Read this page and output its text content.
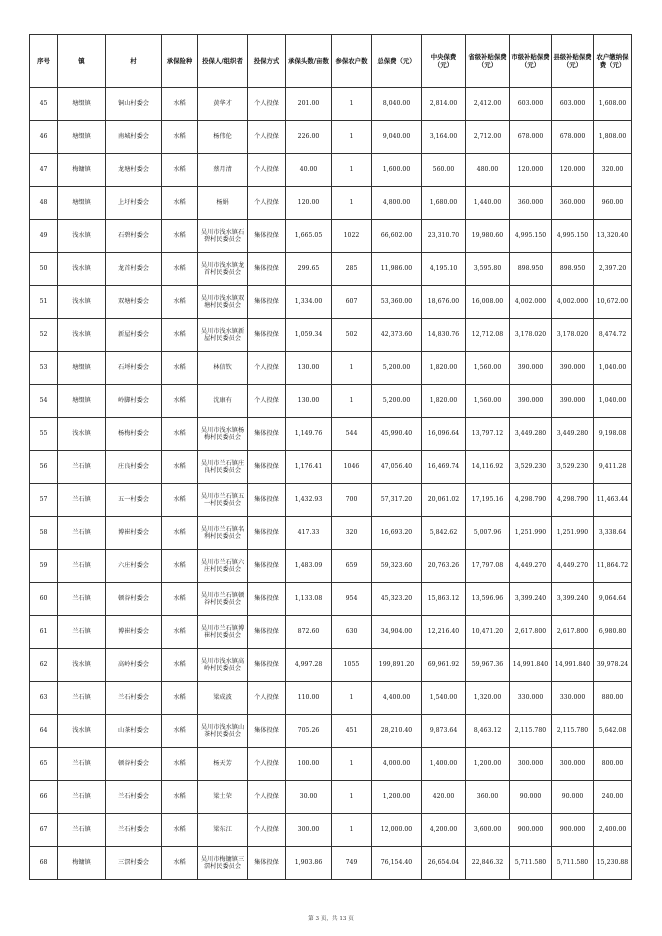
序号	镇	村	承保险种	投保人/组织者	投保方式	承保头数/亩数	参保农户数	总保费（元）	中央保费（元）	省级补贴保费（元）	市级补贴保费（元）	县级补贴保费（元）	农户缴纳保费（元）
45	塘缀镇	铜山村委会	水稻	黄华才	个人投保	201.00	1	8,040.00	2,814.00	2,412.00	603.000	603.000	1,608.00
46	塘缀镇	南城村委会	水稻	杨伟伦	个人投保	226.00	1	9,040.00	3,164.00	2,712.00	678.000	678.000	1,808.00
47	梅镛镇	龙塘村委会	水稻	蔡月清	个人投保	40.00	1	1,600.00	560.00	480.00	120.000	120.000	320.00
48	塘缀镇	上圩村委会	水稻	杨娟	个人投保	120.00	1	4,800.00	1,680.00	1,440.00	360.000	360.000	960.00
49	浅水镇	石碧村委会	水稻	吴川市浅水镇石碧村民委员会	集体投保	1,665.05	1022	66,602.00	23,310.70	19,980.60	4,995.150	4,995.150	13,320.40
50	浅水镇	龙首村委会	水稻	吴川市浅水镇龙首村民委员会	集体投保	299.65	285	11,986.00	4,195.10	3,595.80	898.950	898.950	2,397.20
51	浅水镇	双塘村委会	水稻	吴川市浅水镇双塘村民委员会	集体投保	1,334.00	607	53,360.00	18,676.00	16,008.00	4,002.000	4,002.000	10,672.00
52	浅水镇	新屋村委会	水稻	吴川市浅水镇新屋村民委员会	集体投保	1,059.34	502	42,373.60	14,830.76	12,712.08	3,178.020	3,178.020	8,474.72
53	塘缀镇	石埒村委会	水稻	林信钦	个人投保	130.00	1	5,200.00	1,820.00	1,560.00	390.000	390.000	1,040.00
54	塘缀镇	岭脚村委会	水稻	沈康有	个人投保	130.00	1	5,200.00	1,820.00	1,560.00	390.000	390.000	1,040.00
55	浅水镇	杨梅村委会	水稻	吴川市浅水镇杨梅村民委员会	集体投保	1,149.76	544	45,990.40	16,096.64	13,797.12	3,449.280	3,449.280	9,198.08
56	兰石镇	庄良村委会	水稻	吴川市兰石镇庄良村民委员会	集体投保	1,176.41	1046	47,056.40	16,469.74	14,116.92	3,529.230	3,529.230	9,411.28
57	兰石镇	五一村委会	水稻	吴川市兰石镇五一村民委员会	集体投保	1,432.93	700	57,317.20	20,061.02	17,195.16	4,298.790	4,298.790	11,463.44
58	兰石镇	博崔村委会	水稻	吴川市兰石镇名利村民委员会	集体投保	417.33	320	16,693.20	5,842.62	5,007.96	1,251.990	1,251.990	3,338.64
59	兰石镇	六庄村委会	水稻	吴川市兰石镇六庄村民委员会	集体投保	1,483.09	659	59,323.60	20,763.26	17,797.08	4,449.270	4,449.270	11,864.72
60	兰石镇	顿谷村委会	水稻	吴川市兰石镇顿谷村民委员会	集体投保	1,133.08	954	45,323.20	15,863.12	13,596.96	3,399.240	3,399.240	9,064.64
61	兰石镇	博崔村委会	水稻	吴川市兰石镇博崔村民委员会	集体投保	872.60	630	34,904.00	12,216.40	10,471.20	2,617.800	2,617.800	6,980.80
62	浅水镇	高岭村委会	水稻	吴川市浅水镇高岭村民委员会	集体投保	4,997.28	1055	199,891.20	69,961.92	59,967.36	14,991.840	14,991.840	39,978.24
63	兰石镇	兰石村委会	水稻	梁成波	个人投保	110.00	1	4,400.00	1,540.00	1,320.00	330.000	330.000	880.00
64	浅水镇	山茶村委会	水稻	吴川市浅水镇山茶村民委员会	集体投保	705.26	451	28,210.40	9,873.64	8,463.12	2,115.780	2,115.780	5,642.08
65	兰石镇	顿谷村委会	水稻	杨天芳	个人投保	100.00	1	4,000.00	1,400.00	1,200.00	300.000	300.000	800.00
66	兰石镇	兰石村委会	水稻	梁土荣	个人投保	30.00	1	1,200.00	420.00	360.00	90.000	90.000	240.00
67	兰石镇	兰石村委会	水稻	梁东江	个人投保	300.00	1	12,000.00	4,200.00	3,600.00	900.000	900.000	2,400.00
68	梅镛镇	三滘村委会	水稻	吴川市梅镛镇三滘村民委员会	集体投保	1,903.86	749	76,154.40	26,654.04	22,846.32	5,711.580	5,711.580	15,230.88
第 3 页，共 13 页
